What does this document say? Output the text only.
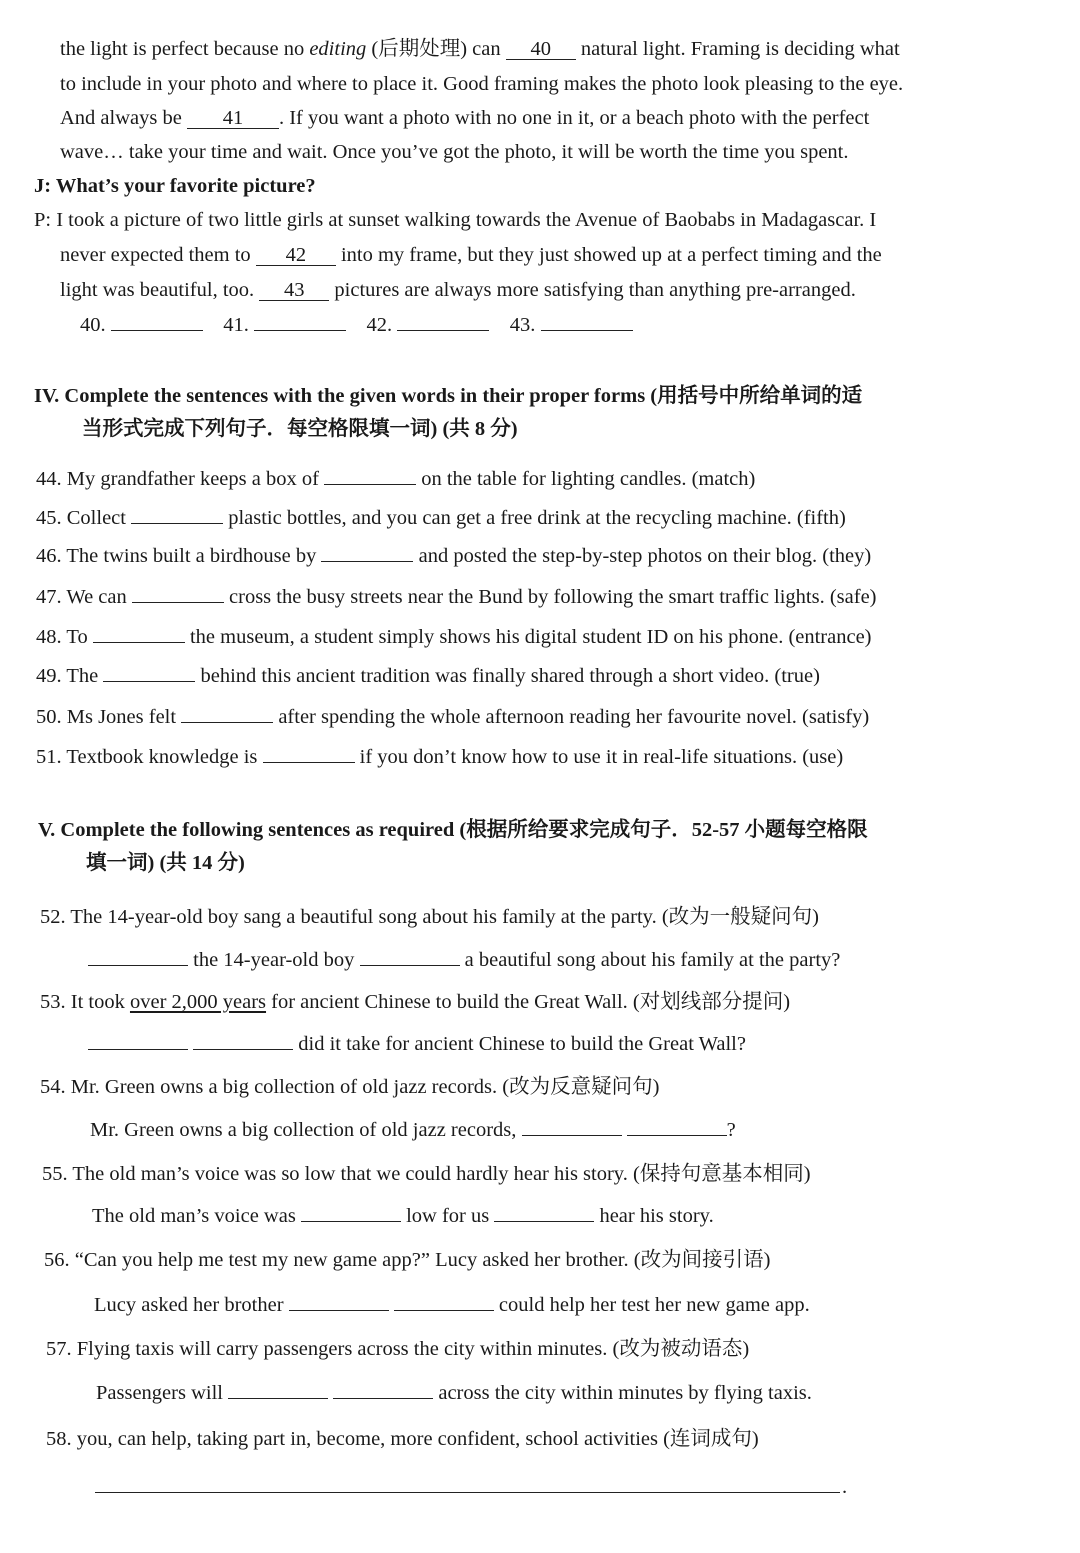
the light is perfect because no editing (后期处理) can 40 natural light. Framing is deciding what
to include in your photo and where to place it. Good framing makes the photo look pleasing to the eye.
And always be 41 . If you want a photo with no one in it, or a beach photo with the perfect
wave… take your time and wait. Once you’ve got the photo, it will be worth the time you spent.
J: What’s your favorite picture?
P: I took a picture of two little girls at sunset walking towards the Avenue of Baobabs in Madagascar. I
never expected them to 42 into my frame, but they just showed up at a perfect timing and the
light was beautiful, too. 43 pictures are always more satisfying than anything pre-arranged.
40.	41.	42.	43.
IV. Complete the sentences with the given words in their proper forms (用括号中所给单词的适
当形式完成下列句子．每空格限填一词) (共 8 分)
44. My grandfather keeps a box of	on the table for lighting candles. (match)
45. Collect	plastic bottles, and you can get a free drink at the recycling machine. (fifth)
46. The twins built a birdhouse by	and posted the step-by-step photos on their blog. (they)
47. We can	cross the busy streets near the Bund by following the smart traffic lights. (safe)
48. To	the museum, a student simply shows his digital student ID on his phone. (entrance)
49. The	behind this ancient tradition was finally shared through a short video. (true)
50. Ms Jones felt	after spending the whole afternoon reading her favourite novel. (satisfy)
51. Textbook knowledge is	if you don’t know how to use it in real-life situations. (use)
V. Complete the following sentences as required (根据所给要求完成句子．52-57 小题每空格限
填一词) (共 14 分)
52. The 14-year-old boy sang a beautiful song about his family at the party. (改为一般疑问句)
the 14-year-old boy	a beautiful song about his family at the party?
53. It took over 2,000 years for ancient Chinese to build the Great Wall. (对划线部分提问)
did it take for ancient Chinese to build the Great Wall?
54. Mr. Green owns a big collection of old jazz records. (改为反意疑问句)
Mr. Green owns a big collection of old jazz records,	?
55. The old man’s voice was so low that we could hardly hear his story. (保持句意基本相同)
The old man’s voice was	low for us	hear his story.
56. “Can you help me test my new game app?” Lucy asked her brother. (改为间接引语)
Lucy asked her brother	could help her test her new game app.
57. Flying taxis will carry passengers across the city within minutes. (改为被动语态)
Passengers will	across the city within minutes by flying taxis.
58. you, can help, taking part in, become, more confident, school activities (连词成句)
.
